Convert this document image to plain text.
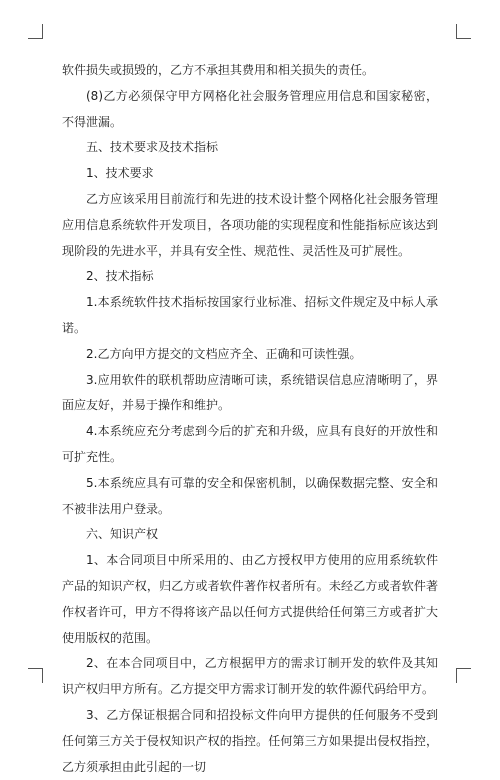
软件损失或损毁的，乙方不承担其费用和相关损失的责任。

(8)乙方必须保守甲方网格化社会服务管理应用信息和国家秘密，不得泄漏。

五、技术要求及技术指标

1、技术要求

乙方应该采用目前流行和先进的技术设计整个网格化社会服务管理应用信息系统软件开发项目，各项功能的实现程度和性能指标应该达到现阶段的先进水平，并具有安全性、规范性、灵活性及可扩展性。

2、技术指标

1.本系统软件技术指标按国家行业标准、招标文件规定及中标人承诺。

2.乙方向甲方提交的文档应齐全、正确和可读性强。

3.应用软件的联机帮助应清晰可读，系统错误信息应清晰明了，界面应友好，并易于操作和维护。

4.本系统应充分考虑到今后的扩充和升级，应具有良好的开放性和可扩充性。

5.本系统应具有可靠的安全和保密机制，以确保数据完整、安全和不被非法用户登录。

六、知识产权

1、本合同项目中所采用的、由乙方授权甲方使用的应用系统软件产品的知识产权，归乙方或者软件著作权者所有。未经乙方或者软件著作权者许可，甲方不得将该产品以任何方式提供给任何第三方或者扩大使用版权的范围。

2、在本合同项目中，乙方根据甲方的需求订制开发的软件及其知识产权归甲方所有。乙方提交甲方需求订制开发的软件源代码给甲方。

3、乙方保证根据合同和招投标文件向甲方提供的任何服务不受到任何第三方关于侵权知识产权的指控。任何第三方如果提出侵权指控，乙方须承担由此引起的一切
